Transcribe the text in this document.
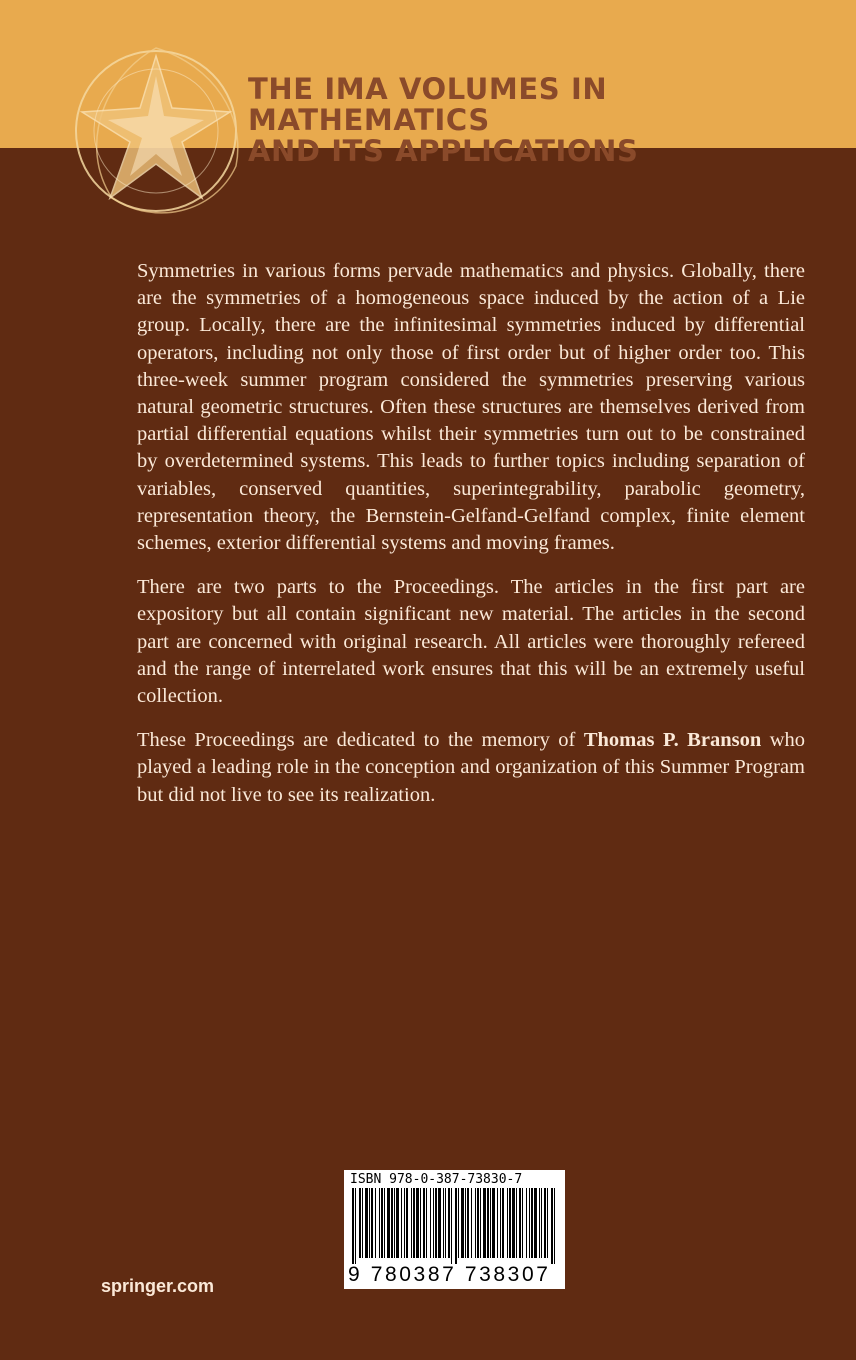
THE IMA VOLUMES IN MATHEMATICS
AND ITS APPLICATIONS

Symmetries in various forms pervade mathematics and physics. Globally, there are the symmetries of a homogeneous space induced by the action of a Lie group. Locally, there are the infinitesimal symmetries induced by differential operators, including not only those of first order but of higher order too. This three-week summer program considered the symmetries preserving various natural geometric structures. Often these structures are themselves derived from partial differential equations whilst their symmetries turn out to be constrained by overdetermined systems. This leads to further topics including separation of variables, conserved quantities, superintegrability, parabolic geometry, representation theory, the Bernstein-Gelfand-Gelfand complex, finite element schemes, exterior differential systems and moving frames.

There are two parts to the Proceedings. The articles in the first part are expository but all contain significant new material. The articles in the second part are concerned with original research. All articles were thoroughly refereed and the range of interrelated work ensures that this will be an extremely useful collection.

These Proceedings are dedicated to the memory of Thomas P. Branson who played a leading role in the conception and organization of this Summer Program but did not live to see its realization.

springer.com

ISBN 978-0-387-73830-7

9 780387 738307
